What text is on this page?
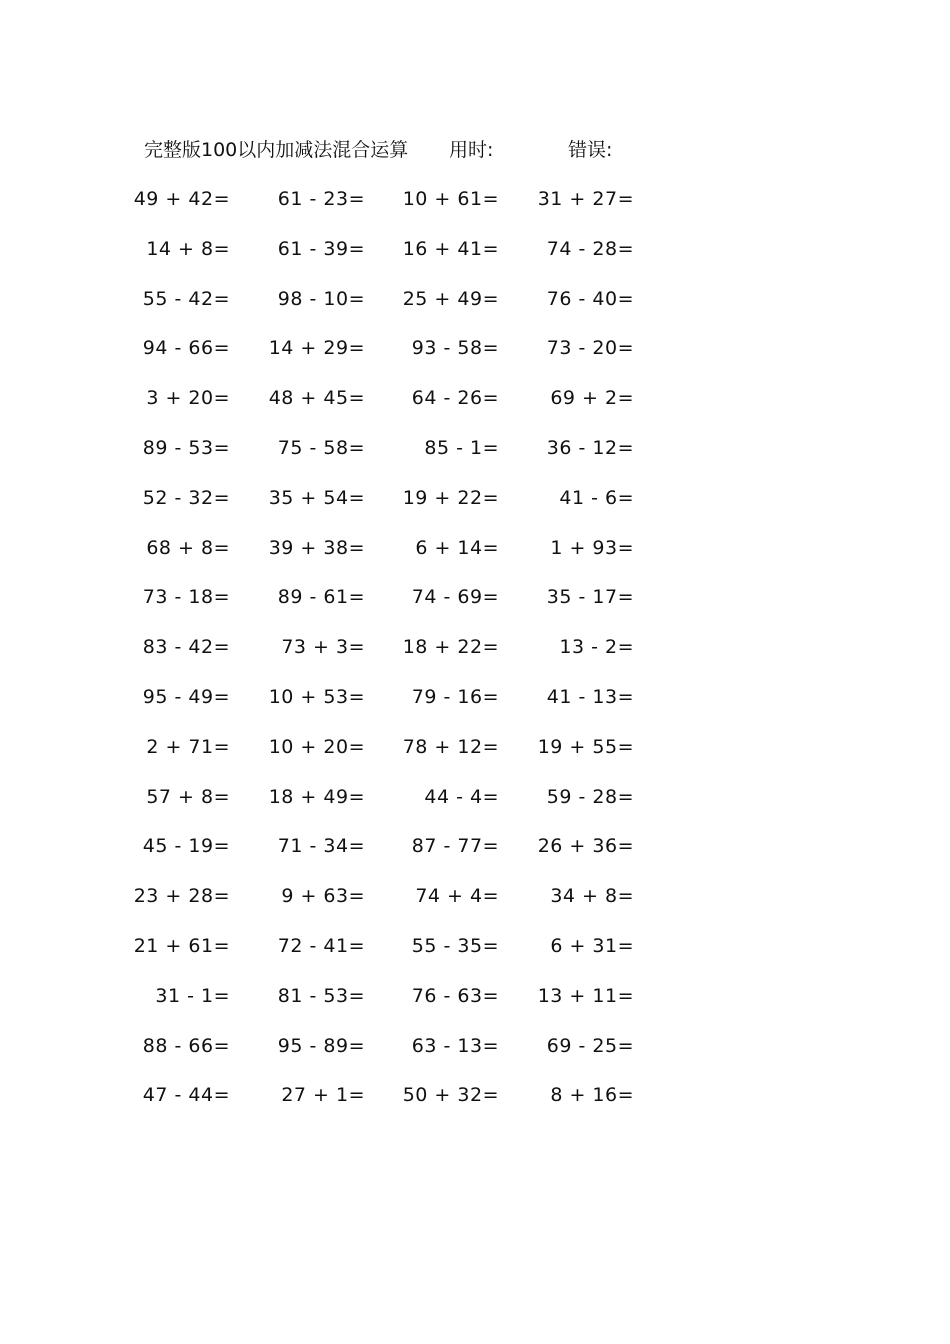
完整版100以内加减法混合运算 用时:	错误:
49 + 42=	61 - 23= 10 + 61= 31 + 27=
14 + 8=	61 - 39= 16 + 41=	74 - 28=
55 - 42=	98 - 10= 25 + 49=	76 - 40=
94 - 66= 14 + 29= 93 - 58=	73 - 20=
3 + 20= 48 + 45= 64 - 26=	69 + 2=
89 - 53=	75 - 58=	85 - 1=	36 - 12=
52 - 32= 35 + 54= 19 + 22=	41 - 6=
68 + 8= 39 + 38=	6 + 14=	1 + 93=
73 - 18=	89 - 61= 74 - 69=	35 - 17=
83 - 42=	73 + 3= 18 + 22=	13 - 2=
95 - 49= 10 + 53= 79 - 16=	41 - 13=
2 + 71= 10 + 20= 78 + 12= 19 + 55=
57 + 8= 18 + 49=	44 - 4=	59 - 28=
45 - 19=	71 - 34= 87 - 77= 26 + 36=
23 + 28=	9 + 63=	74 + 4=	34 + 8=
21 + 61=	72 - 41= 55 - 35=	6 + 31=
31 - 1=	81 - 53= 76 - 63= 13 + 11=
88 - 66=	95 - 89= 63 - 13=	69 - 25=
47 - 44=	27 + 1= 50 + 32=	8 + 16=
